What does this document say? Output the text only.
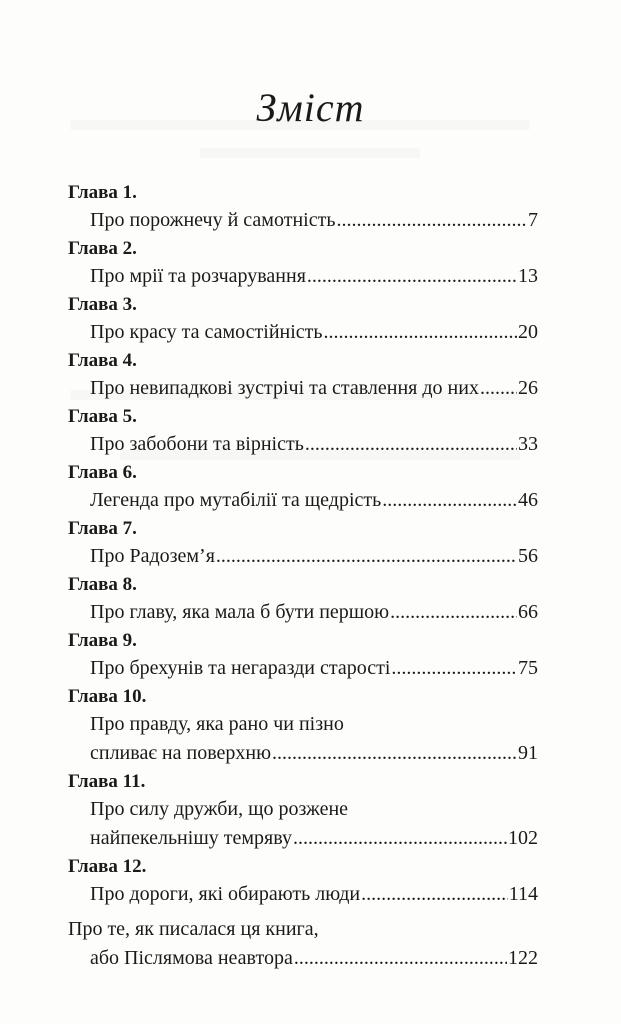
Зміст
Глава 1.
Про порожнечу й самотність .....	7
Глава 2.
Про мрії та розчарування .....	13
Глава 3.
Про красу та самостійність .....	20
Глава 4.
Про невипадкові зустрічі та ставлення до них ..... 26
Глава 5.
Про забобони та вірність .....	33
Глава 6.
Легенда про мутабілії та щедрість .....	46
Глава 7.
Про Радозем’я .....	56
Глава 8.
Про главу, яка мала б бути першою .....	66
Глава 9.
Про брехунів та негаразди старості .....	75
Глава 10.
Про правду, яка рано чи пізно
спливає на поверхню .....	91
Глава 11.
Про силу дружби, що розжене
найпекельнішу темряву .....	102
Глава 12.
Про дороги, які обирають люди .....	114
Про те, як писалася ця книга,
або Післямова неавтора .....	122
